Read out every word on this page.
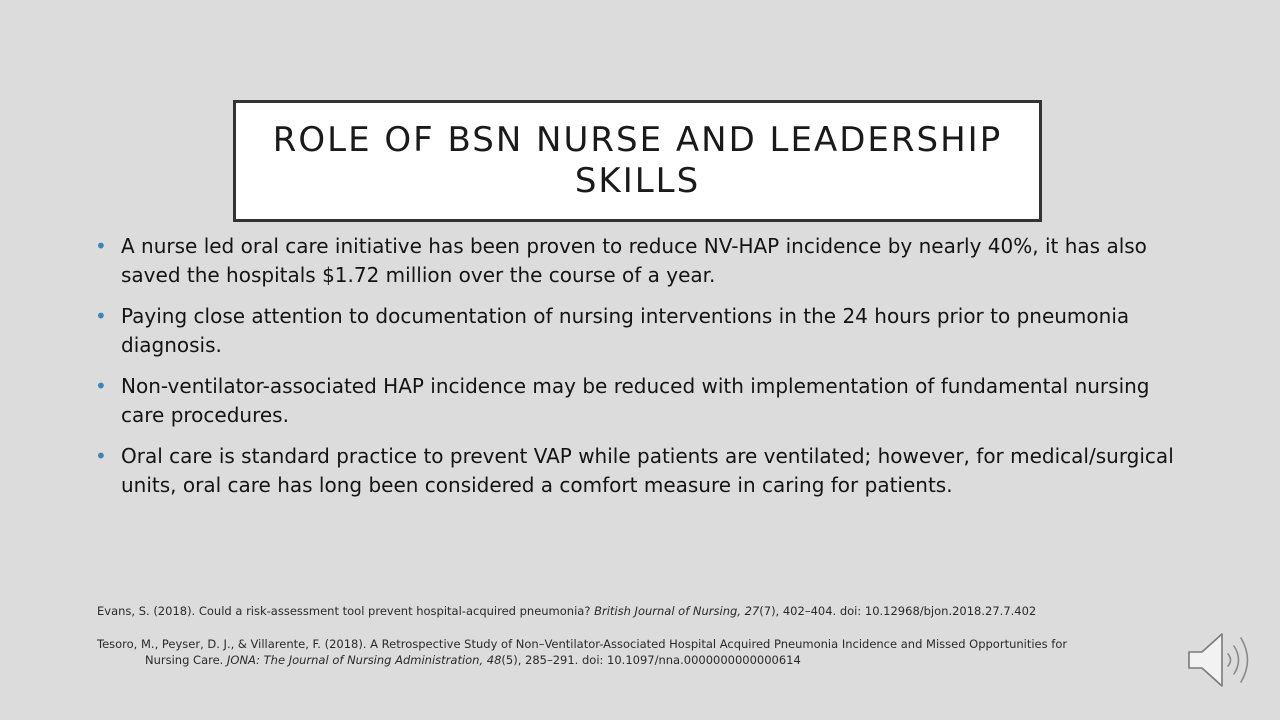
ROLE OF BSN NURSE AND LEADERSHIP SKILLS
• A nurse led oral care initiative has been proven to reduce NV-HAP incidence by nearly 40%, it has also saved the hospitals $1.72 million over the course of a year.
• Paying close attention to documentation of nursing interventions in the 24 hours prior to pneumonia diagnosis.
• Non-ventilator-associated HAP incidence may be reduced with implementation of fundamental nursing care procedures.
• Oral care is standard practice to prevent VAP while patients are ventilated; however, for medical/surgical units, oral care has long been considered a comfort measure in caring for patients.

Evans, S. (2018). Could a risk-assessment tool prevent hospital-acquired pneumonia? British Journal of Nursing, 27(7), 402–404. doi: 10.12968/bjon.2018.27.7.402

Tesoro, M., Peyser, D. J., & Villarente, F. (2018). A Retrospective Study of Non–Ventilator-Associated Hospital Acquired Pneumonia Incidence and Missed Opportunities for Nursing Care. JONA: The Journal of Nursing Administration, 48(5), 285–291. doi: 10.1097/nna.0000000000000614
